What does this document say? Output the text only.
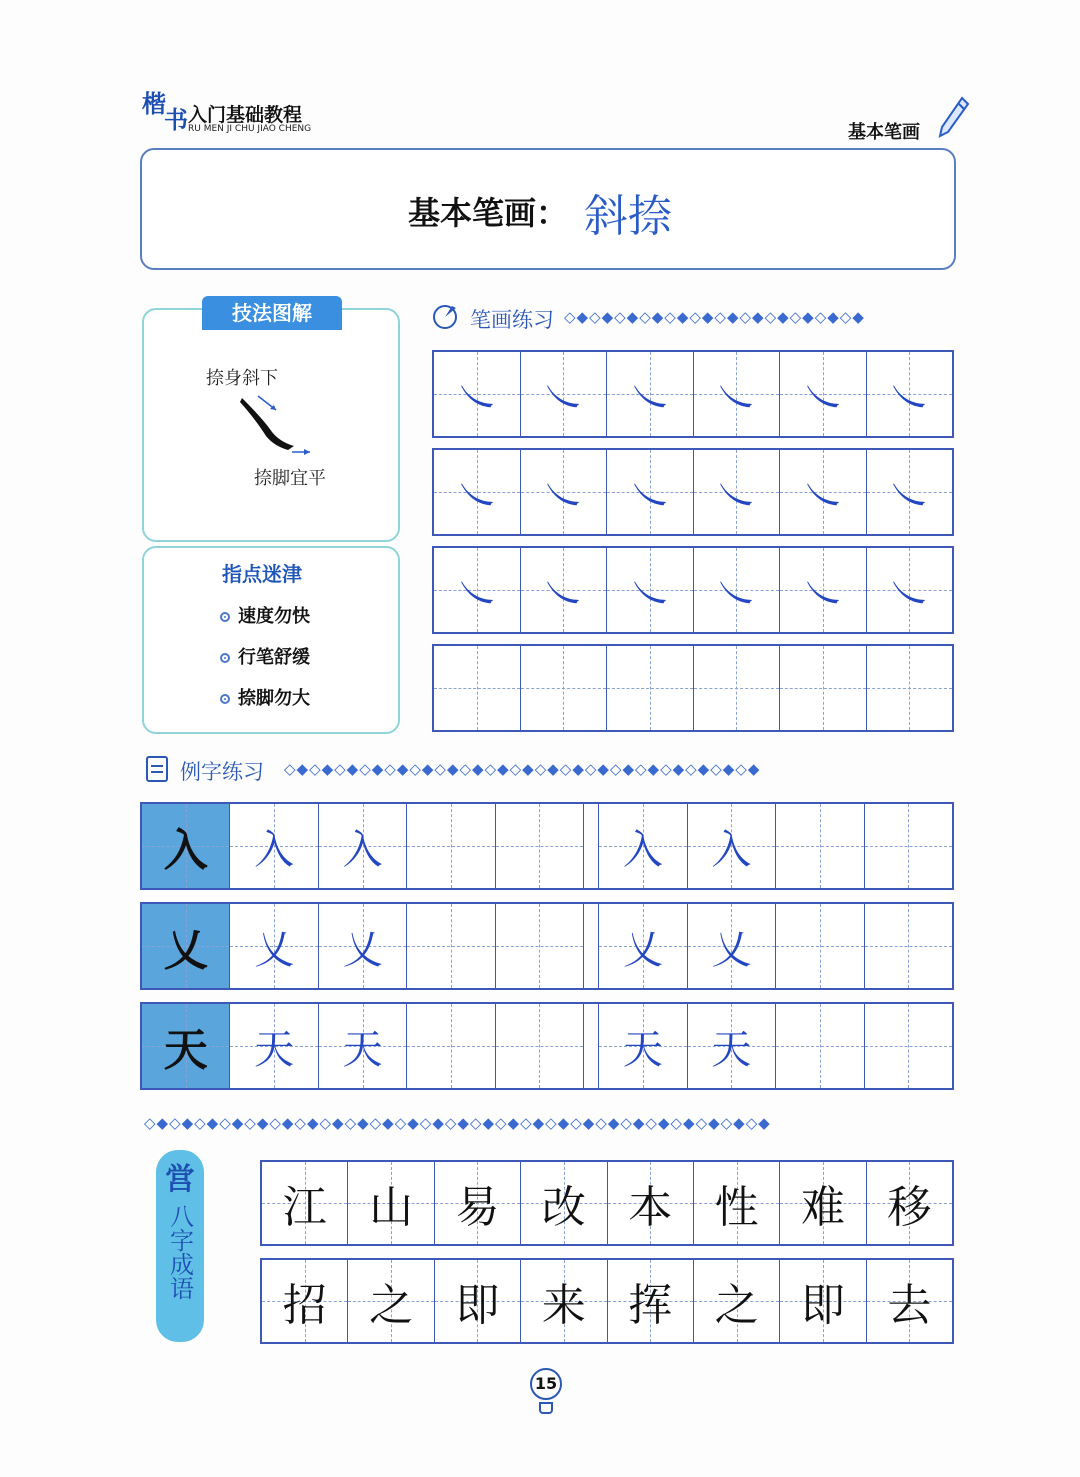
楷
书 入门基础教程
RU MEN JI CHU JIAO CHENG	基本笔画
基本笔画： 斜捺
技法图解
捺身斜下
捺脚宜平
指点迷津
速度勿快
行笔舒缓
捺脚勿大
笔画练习 ◇◆◇◆◇◆◇◆◇◆◇◆◇◆◇◆◇◆◇◆◇◆◇◆
㇏ ㇏ ㇏ ㇏ ㇏ ㇏
㇏ ㇏ ㇏ ㇏ ㇏ ㇏
㇏ ㇏ ㇏ ㇏ ㇏ ㇏
例字练习 ◇◆◇◆◇◆◇◆◇◆◇◆◇◆◇◆◇◆◇◆◇◆◇◆◇◆◇◆◇◆◇◆◇◆◇◆◇◆
入 入 入	入 入
乂 乂 乂	乂 乂
天 天 天	天 天
◇◆◇◆◇◆◇◆◇◆◇◆◇◆◇◆◇◆◇◆◇◆◇◆◇◆◇◆◇◆◇◆◇◆◇◆◇◆◇◆◇◆◇◆◇◆◇◆◇◆
営
八字成语 江 山 易 改 本 性 难 移
招 之 即 来 挥 之 即 去
15
